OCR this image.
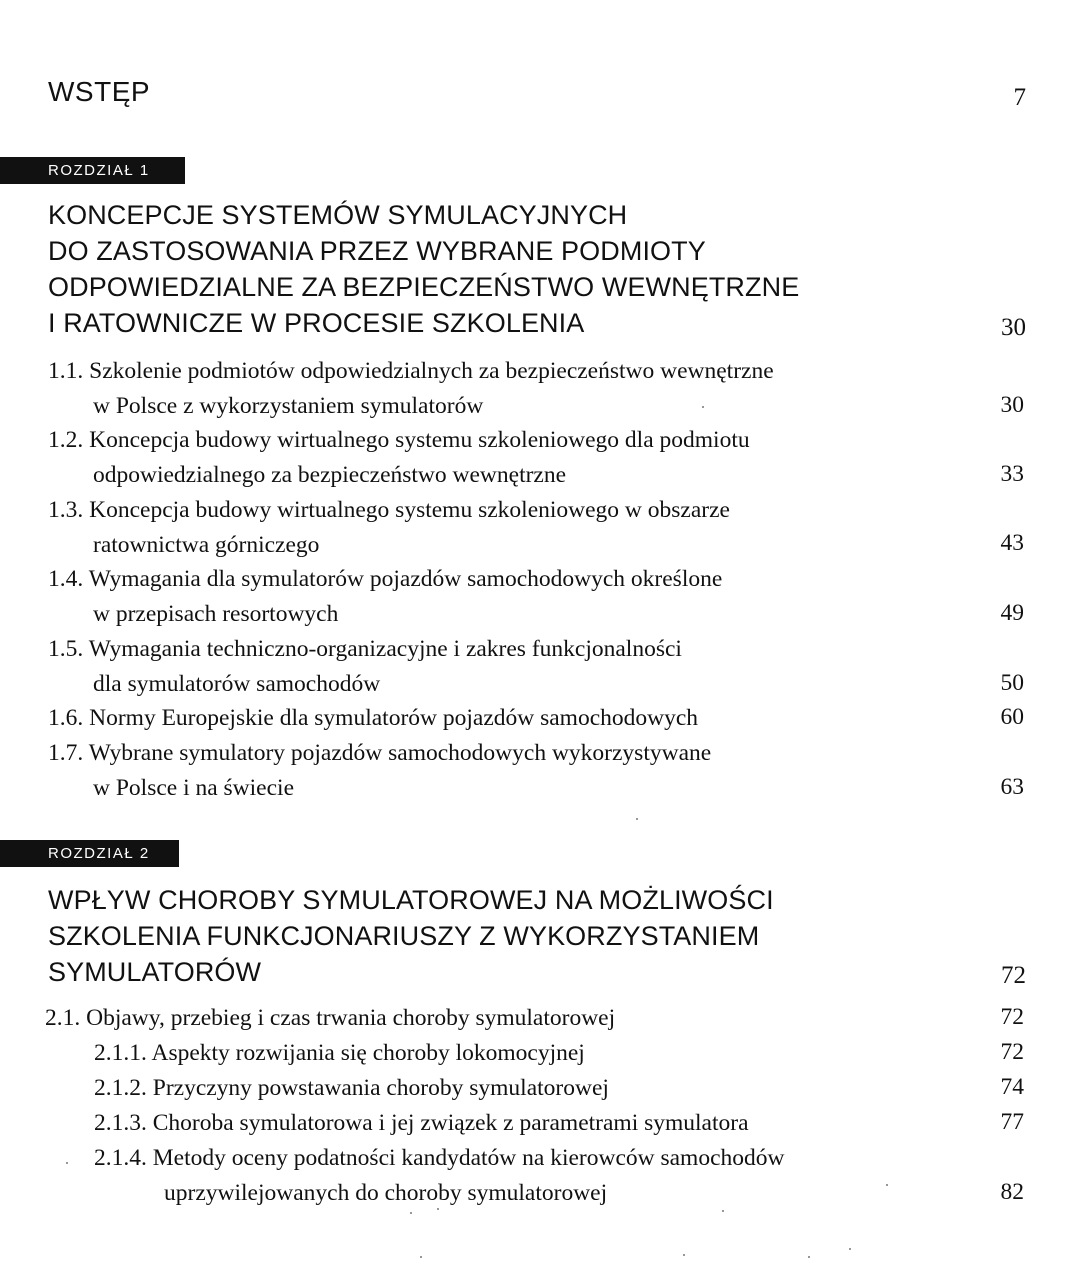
WSTĘP	7
ROZDZIAŁ 1
KONCEPCJE SYSTEMÓW SYMULACYJNYCH
DO ZASTOSOWANIA PRZEZ WYBRANE PODMIOTY
ODPOWIEDZIALNE ZA BEZPIECZEŃSTWO WEWNĘTRZNE
I RATOWNICZE W PROCESIE SZKOLENIA	30
1.1. Szkolenie podmiotów odpowiedzialnych za bezpieczeństwo wewnętrzne
w Polsce z wykorzystaniem symulatorów	30
1.2. Koncepcja budowy wirtualnego systemu szkoleniowego dla podmiotu
odpowiedzialnego za bezpieczeństwo wewnętrzne	33
1.3. Koncepcja budowy wirtualnego systemu szkoleniowego w obszarze
ratownictwa górniczego	43
1.4. Wymagania dla symulatorów pojazdów samochodowych określone
w przepisach resortowych	49
1.5. Wymagania techniczno-organizacyjne i zakres funkcjonalności
dla symulatorów samochodów	50
1.6. Normy Europejskie dla symulatorów pojazdów samochodowych	60
1.7. Wybrane symulatory pojazdów samochodowych wykorzystywane
w Polsce i na świecie	63
ROZDZIAŁ 2
WPŁYW CHOROBY SYMULATOROWEJ NA MOŻLIWOŚCI
SZKOLENIA FUNKCJONARIUSZY Z WYKORZYSTANIEM
SYMULATORÓW	72
2.1. Objawy, przebieg i czas trwania choroby symulatorowej	72
2.1.1. Aspekty rozwijania się choroby lokomocyjnej	72
2.1.2. Przyczyny powstawania choroby symulatorowej	74
2.1.3. Choroba symulatorowa i jej związek z parametrami symulatora	77
2.1.4. Metody oceny podatności kandydatów na kierowców samochodów
uprzywilejowanych do choroby symulatorowej	82
